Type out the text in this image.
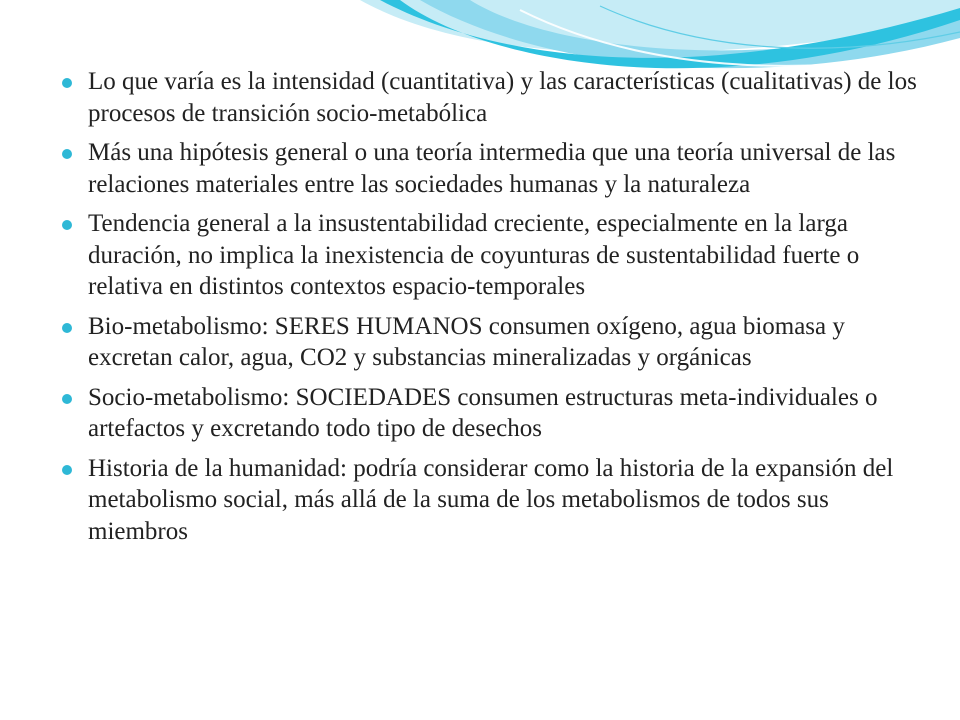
Lo que varía es la intensidad (cuantitativa) y las características (cualitativas) de los procesos de transición socio-metabólica
Más una hipótesis general o una teoría intermedia que una teoría universal de las relaciones materiales entre las sociedades humanas y la naturaleza
Tendencia general a la insustentabilidad creciente, especialmente en la larga duración, no implica la inexistencia de coyunturas de sustentabilidad fuerte o relativa en distintos contextos espacio-temporales
Bio-metabolismo: SERES HUMANOS consumen oxígeno, agua biomasa y excretan calor, agua, CO2 y substancias mineralizadas y orgánicas
Socio-metabolismo: SOCIEDADES consumen estructuras meta-individuales o artefactos y excretando todo tipo de desechos
Historia de la humanidad: podría considerar como la historia de la expansión del metabolismo social, más allá de la suma de los metabolismos de todos sus miembros
